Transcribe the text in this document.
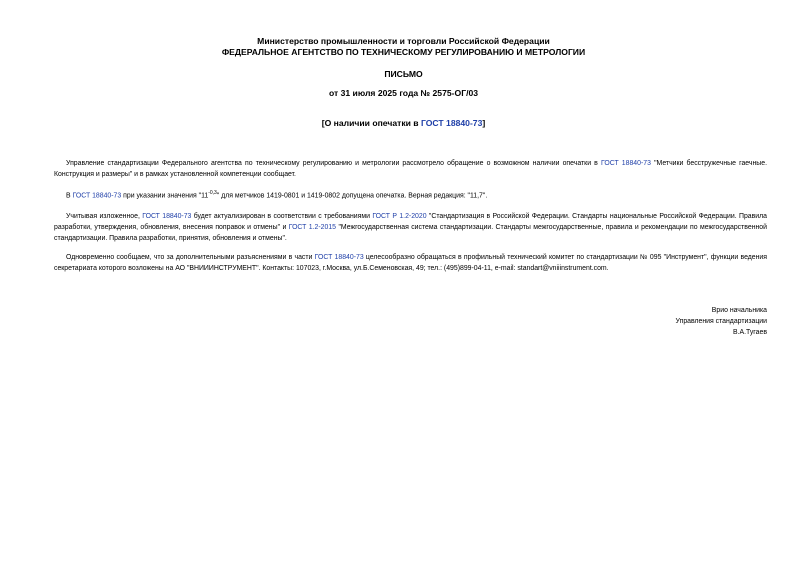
Министерство промышленности и торговли Российской Федерации
ФЕДЕРАЛЬНОЕ АГЕНТСТВО ПО ТЕХНИЧЕСКОМУ РЕГУЛИРОВАНИЮ И МЕТРОЛОГИИ
ПИСЬМО
от 31 июля 2025 года № 2575-ОГ/03
[О наличии опечатки в ГОСТ 18840-73]
Управление стандартизации Федерального агентства по техническому регулированию и метрологии рассмотрело обращение о возможном наличии опечатки в ГОСТ 18840-73 "Метчики бесстружечные гаечные. Конструкция и размеры" и в рамках установленной компетенции сообщает.
В ГОСТ 18840-73 при указании значения "$11^{-0,3}$" для метчиков 1419-0801 и 1419-0802 допущена опечатка. Верная редакция: "11,7".
Учитывая изложенное, ГОСТ 18840-73 будет актуализирован в соответствии с требованиями ГОСТ Р 1.2-2020 "Стандартизация в Российской Федерации. Стандарты национальные Российской Федерации. Правила разработки, утверждения, обновления, внесения поправок и отмены" и ГОСТ 1.2-2015 "Межгосударственная система стандартизации. Стандарты межгосударственные, правила и рекомендации по межгосударственной стандартизации. Правила разработки, принятия, обновления и отмены".
Одновременно сообщаем, что за дополнительными разъяснениями в части ГОСТ 18840-73 целесообразно обращаться в профильный технический комитет по стандартизации № 095 "Инструмент", функции ведения секретариата которого возложены на АО "ВНИИИНСТРУМЕНТ". Контакты: 107023, г.Москва, ул.Б.Семеновская, 49; тел.: (495)899-04-11, e-mail: standart@vniiinstrument.com.
Врио начальника
Управления стандартизации
В.А.Тугаев
